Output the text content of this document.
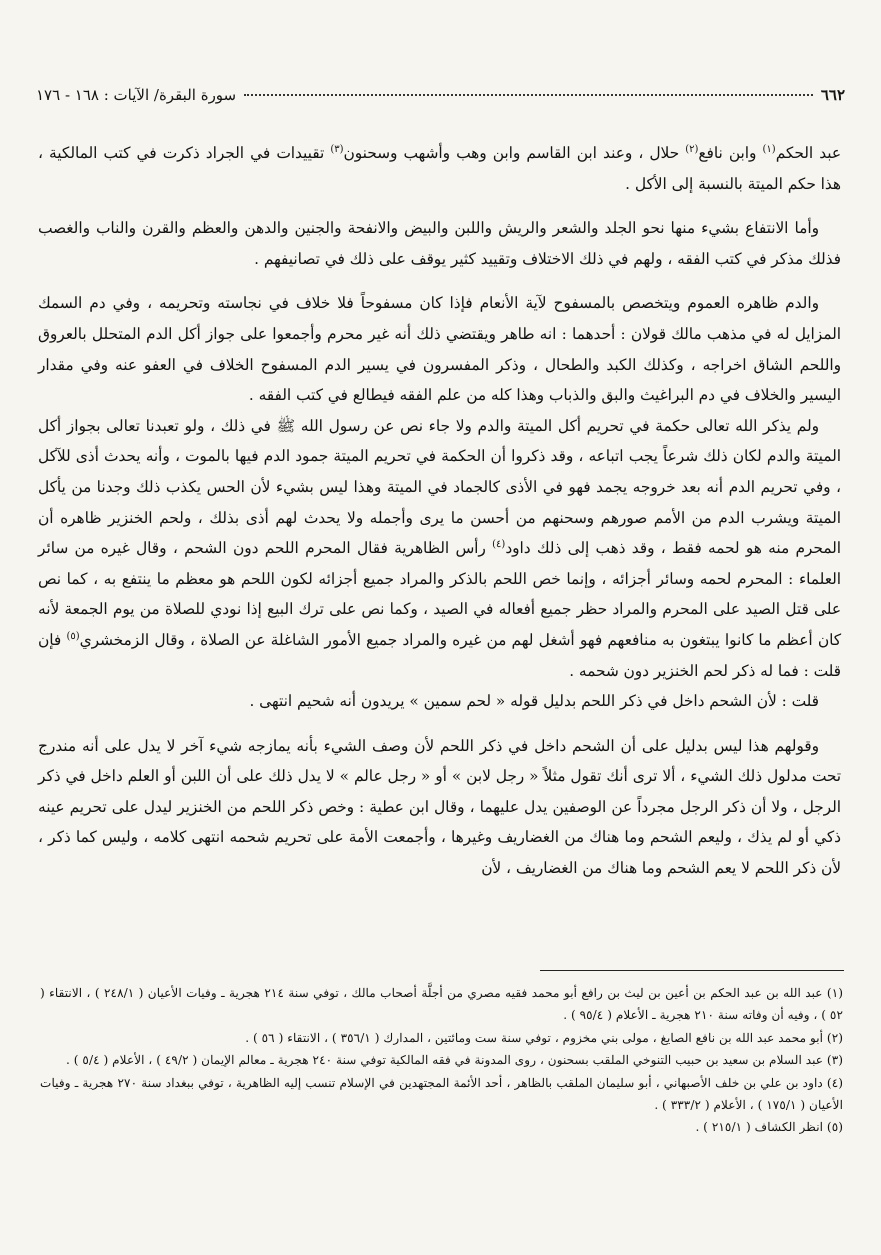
٦٦٢
سورة البقرة/ الآيات : ١٦٨ - ١٧٦

عبد الحكم$^{(١)}$ وابن نافع$^{(٢)}$ حلال ، وعند ابن القاسم وابن وهب وأشهب وسحنون$^{(٣)}$ تقييدات في الجراد ذكرت في كتب المالكية ، هذا حكم الميتة بالنسبة إلى الأكل .

وأما الانتفاع بشيء منها نحو الجلد والشعر والريش واللبن والبيض والانفحة والجنين والدهن والعظم والقرن والناب والغصب فذلك مذكر في كتب الفقه ، ولهم في ذلك الاختلاف وتقييد كثير يوقف على ذلك في تصانيفهم .

والدم ظاهره العموم ويتخصص بالمسفوح لآية الأنعام فإذا كان مسفوحاً فلا خلاف في نجاسته وتحريمه ، وفي دم السمك المزايل له في مذهب مالك قولان : أحدهما : انه طاهر ويقتضي ذلك أنه غير محرم وأجمعوا على جواز أكل الدم المتحلل بالعروق واللحم الشاق اخراجه ، وكذلك الكبد والطحال ، وذكر المفسرون في يسير الدم المسفوح الخلاف في العفو عنه وفي مقدار اليسير والخلاف في دم البراغيث والبق والذباب وهذا كله من علم الفقه فيطالع في كتب الفقه .

ولم يذكر الله تعالى حكمة في تحريم أكل الميتة والدم ولا جاء نص عن رسول الله ﷺ في ذلك ، ولو تعبدنا تعالى بجواز أكل الميتة والدم لكان ذلك شرعاً يجب اتباعه ، وقد ذكروا أن الحكمة في تحريم الميتة جمود الدم فيها بالموت ، وأنه يحدث أذى للآكل ، وفي تحريم الدم أنه بعد خروجه يجمد فهو في الأذى كالجماد في الميتة وهذا ليس بشيء لأن الحس يكذب ذلك وجدنا من يأكل الميتة ويشرب الدم من الأمم صورهم وسحنهم من أحسن ما يرى وأجمله ولا يحدث لهم أذى بذلك ، ولحم الخنزير ظاهره أن المحرم منه هو لحمه فقط ، وقد ذهب إلى ذلك داود$^{(٤)}$ رأس الظاهرية فقال المحرم اللحم دون الشحم ، وقال غيره من سائر العلماء : المحرم لحمه وسائر أجزائه ، وإنما خص اللحم بالذكر والمراد جميع أجزائه لكون اللحم هو معظم ما ينتفع به ، كما نص على قتل الصيد على المحرم والمراد حظر جميع أفعاله في الصيد ، وكما نص على ترك البيع إذا نودي للصلاة من يوم الجمعة لأنه كان أعظم ما كانوا يبتغون به منافعهم فهو أشغل لهم من غيره والمراد جميع الأمور الشاغلة عن الصلاة ، وقال الزمخشري$^{(٥)}$ فإن قلت : فما له ذكر لحم الخنزير دون شحمه .

قلت : لأن الشحم داخل في ذكر اللحم بدليل قوله « لحم سمين » يريدون أنه شحيم انتهى .

وقولهم هذا ليس بدليل على أن الشحم داخل في ذكر اللحم لأن وصف الشيء بأنه يمازجه شيء آخر لا يدل على أنه مندرج تحت مدلول ذلك الشيء ، ألا ترى أنك تقول مثلاً « رجل لابن » أو « رجل عالم » لا يدل ذلك على أن اللبن أو العلم داخل في ذكر الرجل ، ولا أن ذكر الرجل مجرداً عن الوصفين يدل عليهما ، وقال ابن عطية : وخص ذكر اللحم من الخنزير ليدل على تحريم عينه ذكي أو لم يذك ، وليعم الشحم وما هناك من الغضاريف وغيرها ، وأجمعت الأمة على تحريم شحمه انتهى كلامه ، وليس كما ذكر ، لأن ذكر اللحم لا يعم الشحم وما هناك من الغضاريف ، لأن

(١) عبد الله بن عبد الحكم بن أعين بن ليث بن رافع أبو محمد فقيه مصري من أجلَّة أصحاب مالك ، توفي سنة ٢١٤ هجرية ـ وفيات الأعيان ( ٢٤٨/١ ) ، الانتقاء ( ٥٢ ) ، وفيه أن وفاته سنة ٢١٠ هجرية ـ الأعلام ( ٩٥/٤ ) .

(٢) أبو محمد عبد الله بن نافع الصايغ ، مولى بني مخزوم ، توفي سنة ست ومائتين ، المدارك ( ٣٥٦/١ ) ، الانتقاء ( ٥٦ ) .

(٣) عبد السلام بن سعيد بن حبيب التنوخي الملقب بسحنون ، روى المدونة في فقه المالكية توفي سنة ٢٤٠ هجرية ـ معالم الإيمان ( ٤٩/٢ ) ، الأعلام ( ٥/٤ ) .

(٤) داود بن علي بن خلف الأصبهاني ، أبو سليمان الملقب بالظاهر ، أحد الأئمة المجتهدين في الإسلام تنسب إليه الظاهرية ، توفي ببغداد سنة ٢٧٠ هجرية ـ وفيات الأعيان ( ١٧٥/١ ) ، الأعلام ( ٣٣٣/٢ ) .

(٥) انظر الكشاف ( ٢١٥/١ ) .
